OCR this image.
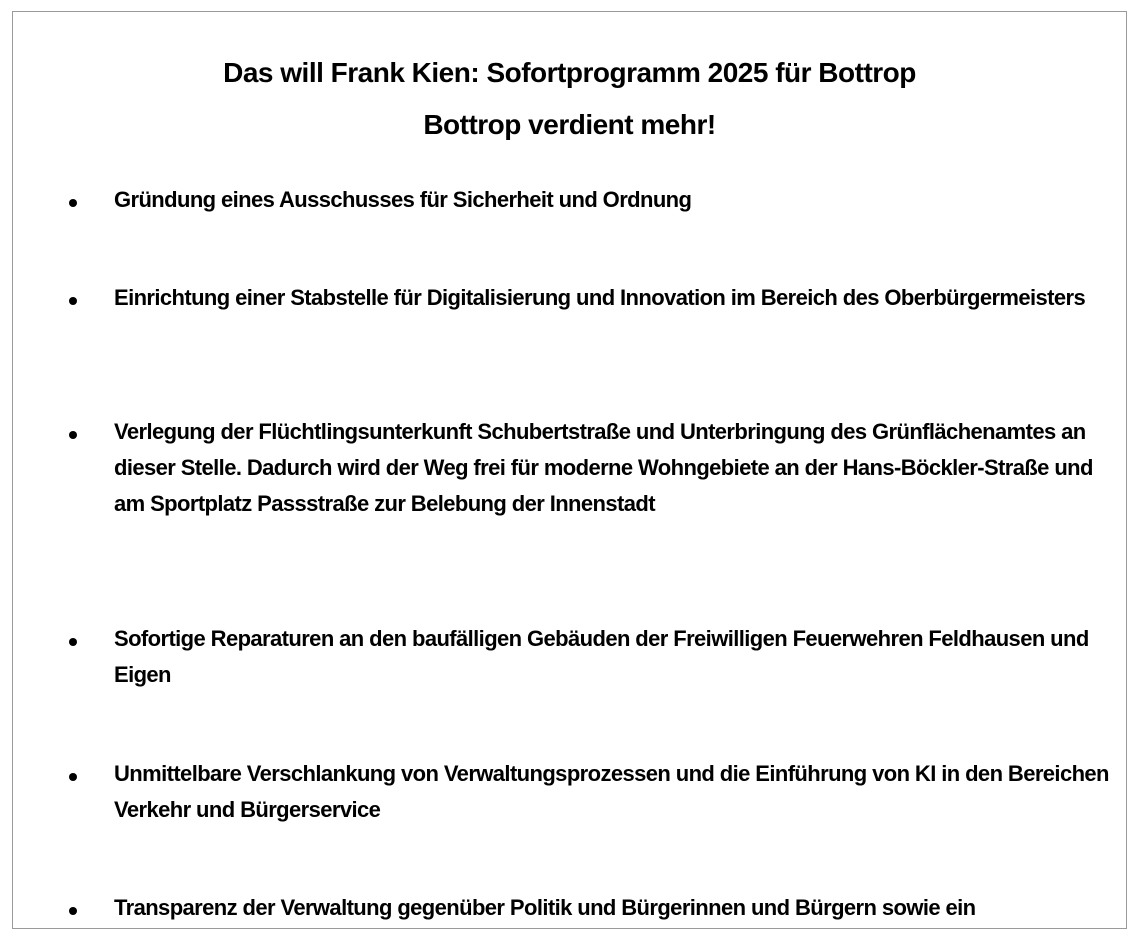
Das will Frank Kien: Sofortprogramm 2025 für Bottrop
Bottrop verdient mehr!
Gründung eines Ausschusses für Sicherheit und Ordnung
Einrichtung einer Stabstelle für Digitalisierung und Innovation im Bereich des Oberbürgermeisters
Verlegung der Flüchtlingsunterkunft Schubertstraße und Unterbringung des Grünflächenamtes an dieser Stelle. Dadurch wird der Weg frei für moderne Wohngebiete an der Hans-Böckler-Straße und am Sportplatz Passstraße zur Belebung der Innenstadt
Sofortige Reparaturen an den baufälligen Gebäuden der Freiwilligen Feuerwehren Feldhausen und Eigen
Unmittelbare Verschlankung von Verwaltungsprozessen und die Einführung von KI in den Bereichen Verkehr und Bürgerservice
Transparenz der Verwaltung gegenüber Politik und Bürgerinnen und Bürgern sowie ein
